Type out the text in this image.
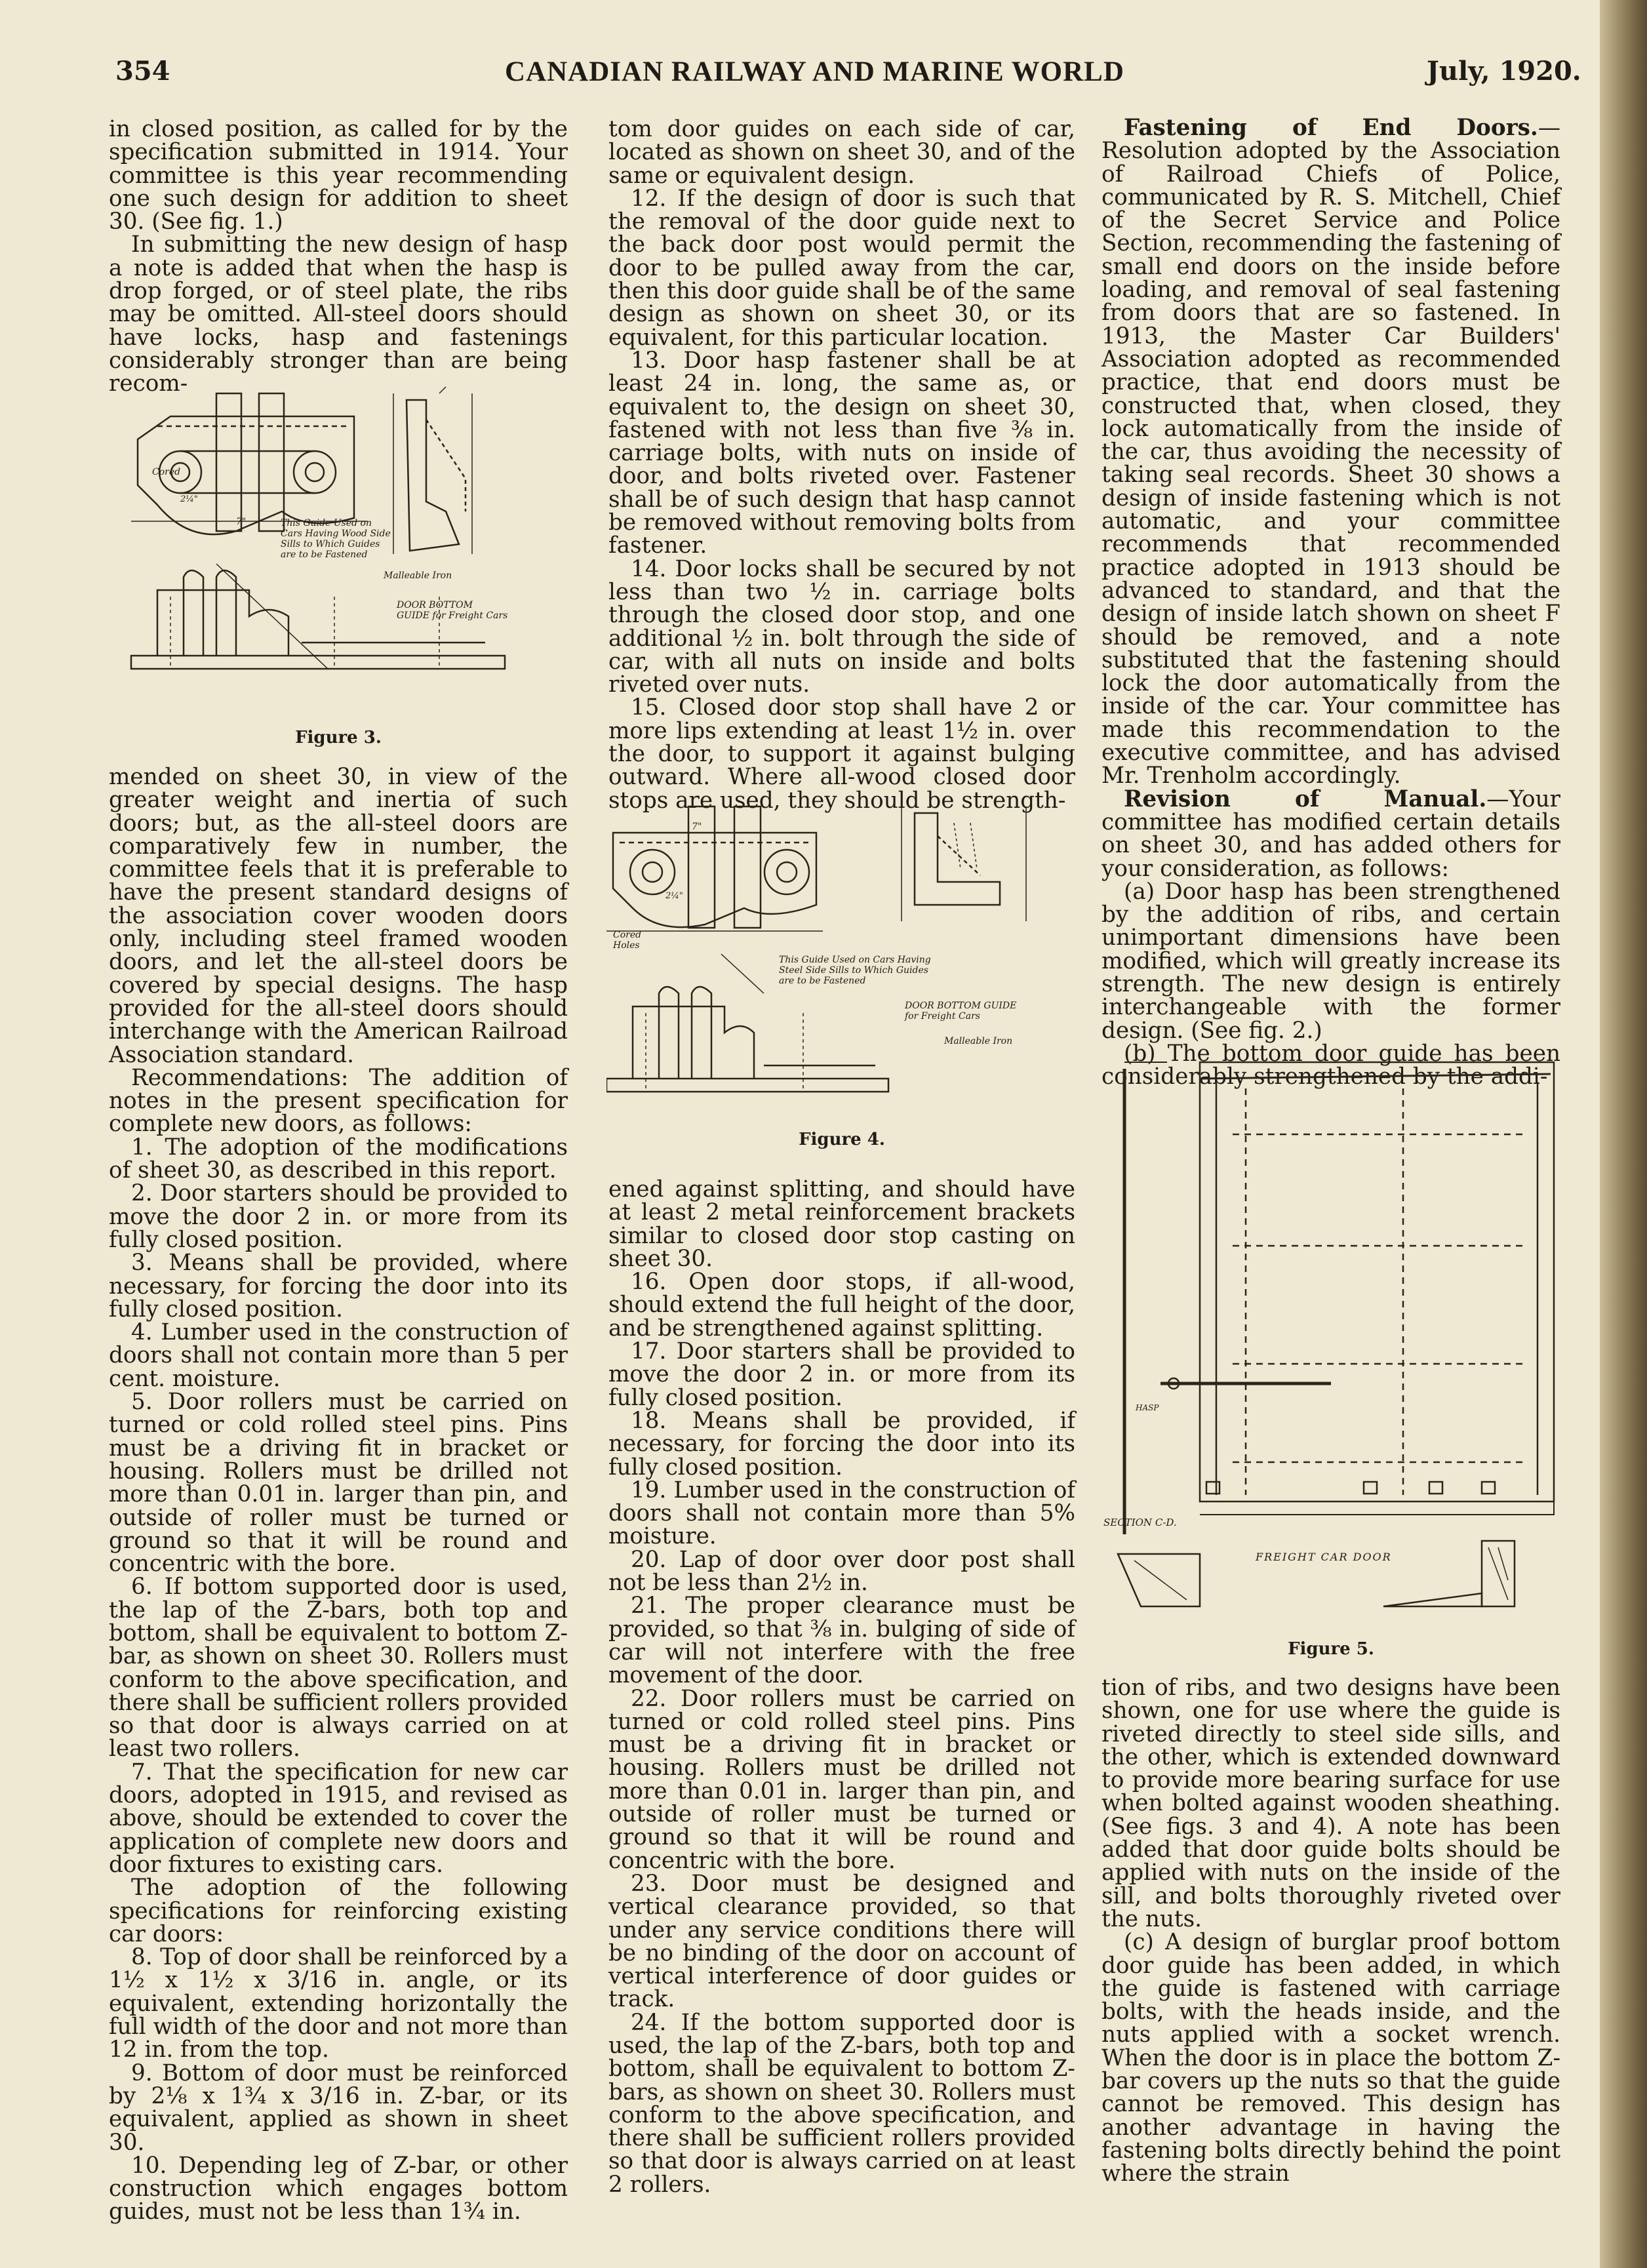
354	CANADIAN RAILWAY AND MARINE WORLD	July, 1920.

in closed position, as called for by the specification submitted in 1914. Your committee is this year recommending one such design for addition to sheet 30. (See fig. 1.)

In submitting the new design of hasp a note is added that when the hasp is drop forged, or of steel plate, the ribs may be omitted. All-steel doors should have locks, hasp and fastenings considerably stronger than are being recom-

7"
2¼"
This Guide Used on Cars Having Wood Side Sills to Which Guides are to be Fastened
Malleable Iron
DOOR BOTTOM GUIDE for Freight Cars
Cored
Figure 3.

mended on sheet 30, in view of the greater weight and inertia of such doors; but, as the all-steel doors are comparatively few in number, the committee feels that it is preferable to have the present standard designs of the association cover wooden doors only, including steel framed wooden doors, and let the all-steel doors be covered by special designs. The hasp provided for the all-steel doors should interchange with the American Railroad Association standard.

Recommendations: The addition of notes in the present specification for complete new doors, as follows:

1. The adoption of the modifications of sheet 30, as described in this report.

2. Door starters should be provided to move the door 2 in. or more from its fully closed position.

3. Means shall be provided, where necessary, for forcing the door into its fully closed position.

4. Lumber used in the construction of doors shall not contain more than 5 per cent. moisture.

5. Door rollers must be carried on turned or cold rolled steel pins. Pins must be a driving fit in bracket or housing. Rollers must be drilled not more than 0.01 in. larger than pin, and outside of roller must be turned or ground so that it will be round and concentric with the bore.

6. If bottom supported door is used, the lap of the Z-bars, both top and bottom, shall be equivalent to bottom Z-bar, as shown on sheet 30. Rollers must conform to the above specification, and there shall be sufficient rollers provided so that door is always carried on at least two rollers.

7. That the specification for new car doors, adopted in 1915, and revised as above, should be extended to cover the application of complete new doors and door fixtures to existing cars.

The adoption of the following specifications for reinforcing existing car doors:

8. Top of door shall be reinforced by a 1½ x 1½ x 3/16 in. angle, or its equivalent, extending horizontally the full width of the door and not more than 12 in. from the top.

9. Bottom of door must be reinforced by 2⅛ x 1¾ x 3/16 in. Z-bar, or its equivalent, applied as shown in sheet 30.

10. Depending leg of Z-bar, or other construction which engages bottom guides, must not be less than 1¾ in.

tom door guides on each side of car, located as shown on sheet 30, and of the same or equivalent design.

12. If the design of door is such that the removal of the door guide next to the back door post would permit the door to be pulled away from the car, then this door guide shall be of the same design as shown on sheet 30, or its equivalent, for this particular location.

13. Door hasp fastener shall be at least 24 in. long, the same as, or equivalent to, the design on sheet 30, fastened with not less than five ⅜ in. carriage bolts, with nuts on inside of door, and bolts riveted over. Fastener shall be of such design that hasp cannot be removed without removing bolts from fastener.

14. Door locks shall be secured by not less than two ½ in. carriage bolts through the closed door stop, and one additional ½ in. bolt through the side of car, with all nuts on inside and bolts riveted over nuts.

15. Closed door stop shall have 2 or more lips extending at least 1½ in. over the door, to support it against bulging outward. Where all-wood closed door stops are used, they should be strength-

7"
2¼"
This Guide Used on Cars Having Steel Side Sills to Which Guides are to be Fastened
DOOR BOTTOM GUIDE for Freight Cars
Malleable Iron
Cored Holes
Figure 4.

ened against splitting, and should have at least 2 metal reinforcement brackets similar to closed door stop casting on sheet 30.

16. Open door stops, if all-wood, should extend the full height of the door, and be strengthened against splitting.

17. Door starters shall be provided to move the door 2 in. or more from its fully closed position.

18. Means shall be provided, if necessary, for forcing the door into its fully closed position.

19. Lumber used in the construction of doors shall not contain more than 5% moisture.

20. Lap of door over door post shall not be less than 2½ in.

21. The proper clearance must be provided, so that ⅜ in. bulging of side of car will not interfere with the free movement of the door.

22. Door rollers must be carried on turned or cold rolled steel pins. Pins must be a driving fit in bracket or housing. Rollers must be drilled not more than 0.01 in. larger than pin, and outside of roller must be turned or ground so that it will be round and concentric with the bore.

23. Door must be designed and vertical clearance provided, so that under any service conditions there will be no binding of the door on account of vertical interference of door guides or track.

24. If the bottom supported door is used, the lap of the Z-bars, both top and bottom, shall be equivalent to bottom Z-bars, as shown on sheet 30. Rollers must conform to the above specification, and there shall be sufficient rollers provided so that door is always carried on at least 2 rollers.

Fastening of End Doors.—Resolution adopted by the Association of Railroad Chiefs of Police, communicated by R. S. Mitchell, Chief of the Secret Service and Police Section, recommending the fastening of small end doors on the inside before loading, and removal of seal fastening from doors that are so fastened. In 1913, the Master Car Builders' Association adopted as recommended practice, that end doors must be constructed that, when closed, they lock automatically from the inside of the car, thus avoiding the necessity of taking seal records. Sheet 30 shows a design of inside fastening which is not automatic, and your committee recommends that recommended practice adopted in 1913 should be advanced to standard, and that the design of inside latch shown on sheet F should be removed, and a note substituted that the fastening should lock the door automatically from the inside of the car. Your committee has made this recommendation to the executive committee, and has advised Mr. Trenholm accordingly.

Revision of Manual.—Your committee has modified certain details on sheet 30, and has added others for your consideration, as follows:

(a) Door hasp has been strengthened by the addition of ribs, and certain unimportant dimensions have been modified, which will greatly increase its strength. The new design is entirely interchangeable with the former design. (See fig. 2.)

(b) The bottom door guide has been considerably strengthened by the addi-

FREIGHT CAR DOOR
SECTION C-D.
HASP
Figure 5.

tion of ribs, and two designs have been shown, one for use where the guide is riveted directly to steel side sills, and the other, which is extended downward to provide more bearing surface for use when bolted against wooden sheathing. (See figs. 3 and 4). A note has been added that door guide bolts should be applied with nuts on the inside of the sill, and bolts thoroughly riveted over the nuts.

(c) A design of burglar proof bottom door guide has been added, in which the guide is fastened with carriage bolts, with the heads inside, and the nuts applied with a socket wrench. When the door is in place the bottom Z-bar covers up the nuts so that the guide cannot be removed. This design has another advantage in having the fastening bolts directly behind the point where the strain
